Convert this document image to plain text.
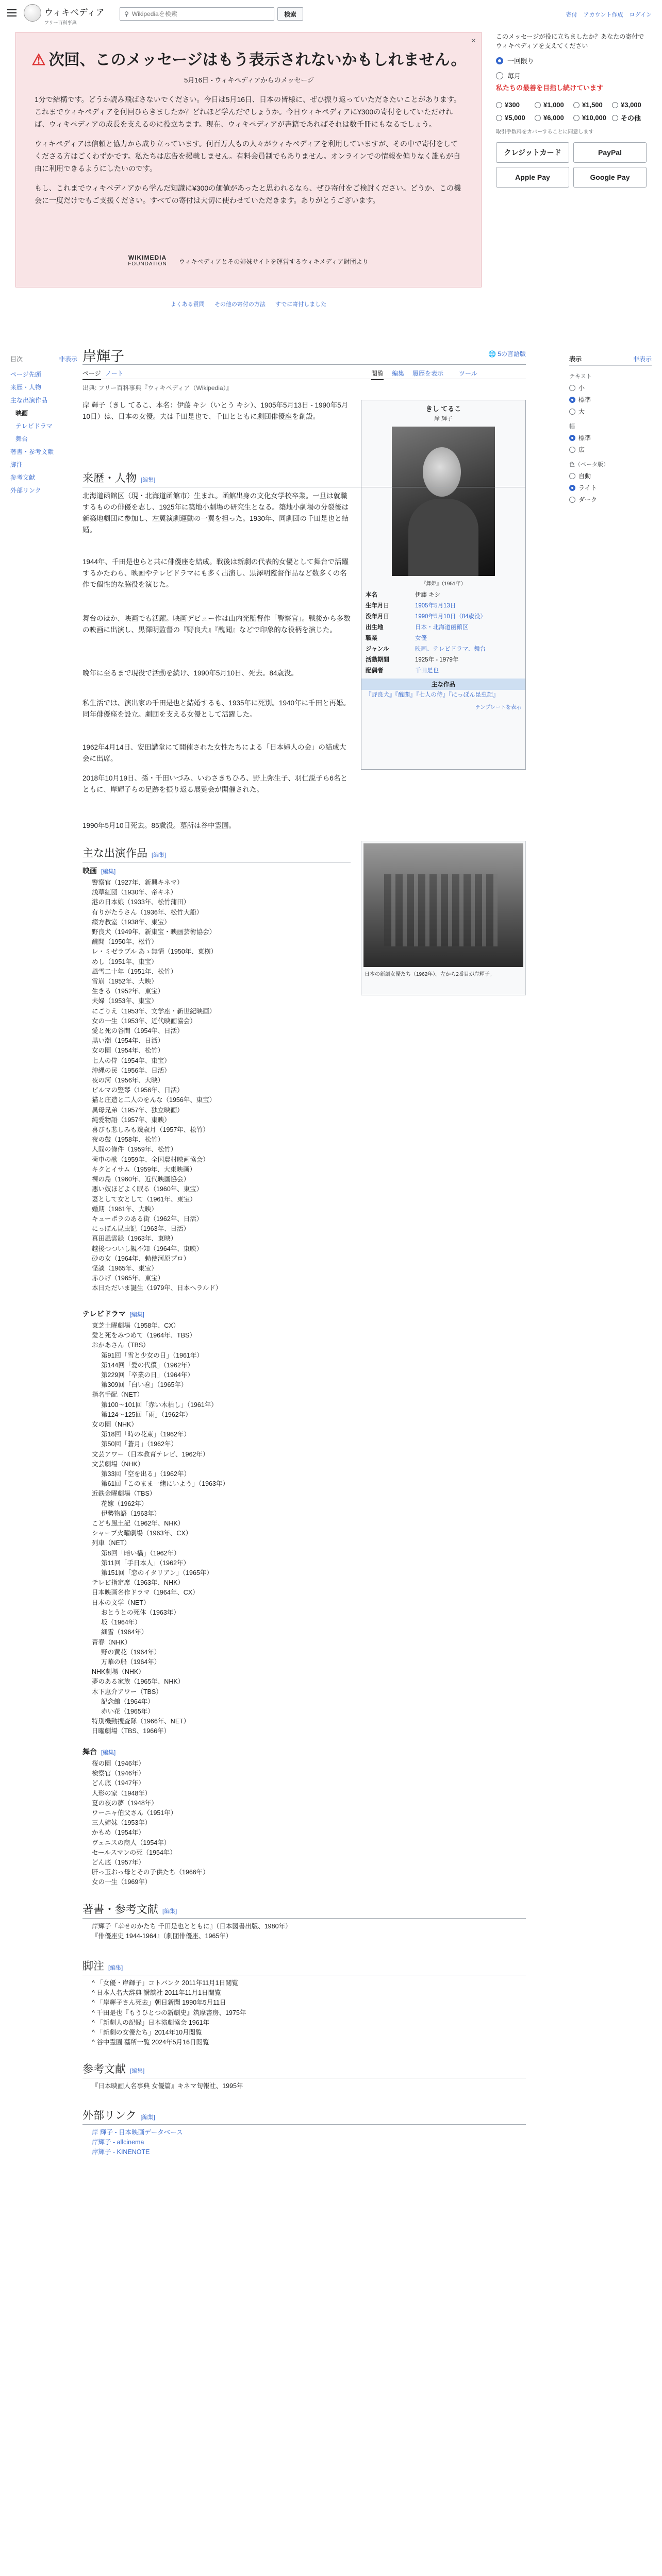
ウィキペディア
フリー百科事典
⚲
Wikipediaを検索	検索	寄付 アカウント作成 ログイン
×
⚠ 次回、このメッセージはもう表示されないかもしれません。
5月16日 - ウィキペディアからのメッセージ

1分で結構です。どうか読み飛ばさないでください。今日は5月16日、日本の皆様に、ぜひ振り返っていただきたいことがあります。これまでウィキペディアを何回ひらきましたか？どれほど学んだでしょうか。今日ウィキペディアに¥300の寄付をしていただければ、ウィキペディアの成長を支えるのに役立ちます。現在、ウィキペディアが書籍であればそれは数千冊にもなるでしょう。

ウィキペディアは信頼と協力から成り立っています。何百万人もの人々がウィキペディアを利用していますが、その中で寄付をしてくださる方はごくわずかです。私たちは広告を掲載しません。有料会員制でもありません。オンラインでの情報を偏りなく誰もが自由に利用できるようにしたいのです。

もし、これまでウィキペディアから学んだ知識に¥300の価値があったと思われるなら、ぜひ寄付をご検討ください。どうか、この機会に一度だけでもご支援ください。すべての寄付は大切に使わせていただきます。ありがとうございます。

WIKIMEDIA
FOUNDATION	ウィキペディアとその姉妹サイトを運営するウィキメディア財団より
よくある質問 その他の寄付の方法 すでに寄付しました
このメッセージが役に立ちましたか？あなたの寄付でウィキペディアを支えてください
一回限り
毎月
私たちの最善を目指し続けています
¥300	¥1,000	¥1,500	¥3,000
¥5,000	¥6,000	¥10,000 その他
取引手数料をカバーすることに同意します
クレジットカード	PayPal
Apple Pay	Google Pay
目次	非表示
ページ先頭
来歴・人物
主な出演作品
映画
テレビドラマ
舞台
著書・参考文献
脚注
参考文献
外部リンク
岸輝子	🌐 5の言語版
ページ ノート	閲覧 編集 履歴を表示 ツール
出典: フリー百科事典『ウィキペディア（Wikipedia）』
岸 輝子（きし てるこ、本名：伊藤 キシ（いとう キシ）、1905年5月13日 - 1990年5月10日）は、日本の女優。夫は千田是也で、千田とともに劇団俳優座を創設。
きし てるこ
岸 輝子
『舞姫』（1951年）
本名	伊藤 キシ
生年月日	1905年5月13日
没年月日	1990年5月10日（84歳没）
出生地	日本・北海道函館区
職業	女優
ジャンル	映画、テレビドラマ、舞台
活動期間	1925年 - 1979年
配偶者	千田是也
主な作品
『野良犬』『醜聞』『七人の侍』『にっぽん昆虫記』
テンプレートを表示
来歴・人物 [編集]
北海道函館区（現・北海道函館市）生まれ。函館出身の文化女学校卒業。一旦は就職するものの俳優を志し、1925年に築地小劇場の研究生となる。築地小劇場の分裂後は新築地劇団に参加し、左翼演劇運動の一翼を担った。1930年、同劇団の千田是也と結婚。
1944年、千田是也らと共に俳優座を結成。戦後は新劇の代表的女優として舞台で活躍するかたわら、映画やテレビドラマにも多く出演し、黒澤明監督作品など数多くの名作で個性的な脇役を演じた。
舞台のほか、映画でも活躍。映画デビュー作は山内光監督作「警察官」。戦後から多数の映画に出演し、黒澤明監督の『野良犬』『醜聞』などで印象的な役柄を演じた。
晩年に至るまで現役で活動を続け、1990年5月10日、死去。84歳没。
私生活では、演出家の千田是也と結婚するも、1935年に死別。1940年に千田と再婚。同年俳優座を設立。劇団を支える女優として活躍した。
1962年4月14日、安田講堂にて開催された女性たちによる「日本婦人の会」の結成大会に出席。
2018年10月19日、孫・千田いづみ、いわさきちひろ、野上弥生子、羽仁説子ら6名とともに、岸輝子らの足跡を振り返る展覧会が開催された。
1990年5月10日死去。85歳没。墓所は谷中霊園。
日本の新劇女優たち（1962年）。左から2番目が岸輝子。
主な出演作品 [編集]
映画 [編集]
• 警察官（1927年、新興キネマ）
• 浅草紅団（1930年、帝キネ）
• 港の日本娘（1933年、松竹蒲田）
• 有りがたうさん（1936年、松竹大船）
• 綴方教室（1938年、東宝）
• 野良犬（1949年、新東宝・映画芸術協会）
• 醜聞（1950年、松竹）
• レ・ミゼラブル あゝ無情（1950年、東横）
• めし（1951年、東宝）
• 風雪二十年（1951年、松竹）
• 雪崩（1952年、大映）
• 生きる（1952年、東宝）
• 夫婦（1953年、東宝）
• にごりえ（1953年、文学座・新世紀映画）
• 女の一生（1953年、近代映画協会）
• 愛と死の谷間（1954年、日活）
• 黒い潮（1954年、日活）
• 女の園（1954年、松竹）
• 七人の侍（1954年、東宝）
• 沖縄の民（1956年、日活）
• 夜の河（1956年、大映）
• ビルマの竪琴（1956年、日活）
• 猫と庄造と二人のをんな（1956年、東宝）
• 異母兄弟（1957年、独立映画）
• 純愛物語（1957年、東映）
• 喜びも悲しみも幾歳月（1957年、松竹）
• 夜の鼓（1958年、松竹）
• 人間の條件（1959年、松竹）
• 荷車の歌（1959年、全国農村映画協会）
• キクとイサム（1959年、大東映画）
• 裸の島（1960年、近代映画協会）
• 悪い奴ほどよく眠る（1960年、東宝）
• 妻として女として（1961年、東宝）
• 婚期（1961年、大映）
• キューポラのある街（1962年、日活）
• にっぽん昆虫記（1963年、日活）
• 真田風雲録（1963年、東映）
• 越後つついし親不知（1964年、東映）
• 砂の女（1964年、勅使河原プロ）
• 怪談（1965年、東宝）
• 赤ひげ（1965年、東宝）
• 本日ただいま誕生（1979年、日本ヘラルド）
テレビドラマ [編集]
• 東芝土曜劇場（1958年、CX）
• 愛と死をみつめて（1964年、TBS）
• おかあさん（TBS）
◦ 第91回「雪と少女の日」（1961年）
◦ 第144回「愛の代償」（1962年）
◦ 第229回「卒業の日」（1964年）
◦ 第309回「白い巻」（1965年）
• 指名手配（NET）
◦ 第100～101回「赤い木枯し」（1961年）
◦ 第124～125回「雨」（1962年）
• 女の園（NHK）
◦ 第18回「時の花束」（1962年）
◦ 第50回「蒼月」（1962年）
• 文芸アワー（日本教育テレビ、1962年）
• 文芸劇場（NHK）
◦ 第33回「空を出る」（1962年）
◦ 第61回「このまま一緒にいよう」（1963年）
• 近鉄金曜劇場（TBS）
◦ 花嫁（1962年）
◦ 伊勢物語（1963年）
• こども風土記（1962年、NHK）
• シャープ火曜劇場（1963年、CX）
• 列車（NET）
◦ 第8回「暗い橋」（1962年）
◦ 第11回「手日本人」（1962年）
◦ 第151回「恋のイタリアン」（1965年）
• テレビ指定席（1963年、NHK）
• 日本映画名作ドラマ（1964年、CX）
• 日本の文学（NET）
◦ おとうとの死体（1963年）
◦ 坂（1964年）
◦ 細雪（1964年）
• 青春（NHK）
◦ 野の黄花（1964年）
◦ 万華の船（1964年）
• NHK劇場（NHK）
• 夢のある家族（1965年、NHK）
• 木下恵介アワー（TBS）
◦ 記念館（1964年）
◦ 赤い花（1965年）
• 特別機動捜査隊（1966年、NET）
• 日曜劇場（TBS、1966年）
舞台 [編集]
• 桜の園（1946年）
• 検察官（1946年）
• どん底（1947年）
• 人形の家（1948年）
• 夏の夜の夢（1948年）
• ワーニャ伯父さん（1951年）
• 三人姉妹（1953年）
• かもめ（1954年）
• ヴェニスの商人（1954年）
• セールスマンの死（1954年）
• どん底（1957年）
• 肝っ玉おっ母とその子供たち（1966年）
• 女の一生（1969年）
著書・参考文献 [編集]
• 岸輝子『幸せのかたち 千田是也とともに』（日本図書出版、1980年）
• 『俳優座史 1944-1964』（劇団俳優座、1965年）
脚注 [編集]
1. ^ 「女優・岸輝子」コトバンク 2011年11月1日閲覧
2. ^ 日本人名大辞典 講談社 2011年11月1日閲覧
3. ^ 「岸輝子さん死去」朝日新聞 1990年5月11日
4. ^ 千田是也『もうひとつの新劇史』筑摩書房、1975年
5. ^ 「新劇人の記録」日本演劇協会 1961年
6. ^ 「新劇の女優たち」2014年10月閲覧
7. ^ 谷中霊園 墓所一覧 2024年5月16日閲覧
参考文献 [編集]
• 『日本映画人名事典 女優篇』キネマ旬報社、1995年
外部リンク [編集]
• 岸 輝子 - 日本映画データベース
• 岸輝子 - allcinema
• 岸輝子 - KINENOTE
表示	非表示
テキスト
小
標準
大
幅
標準
広
色（ベータ版）
自動
ライト
ダーク
